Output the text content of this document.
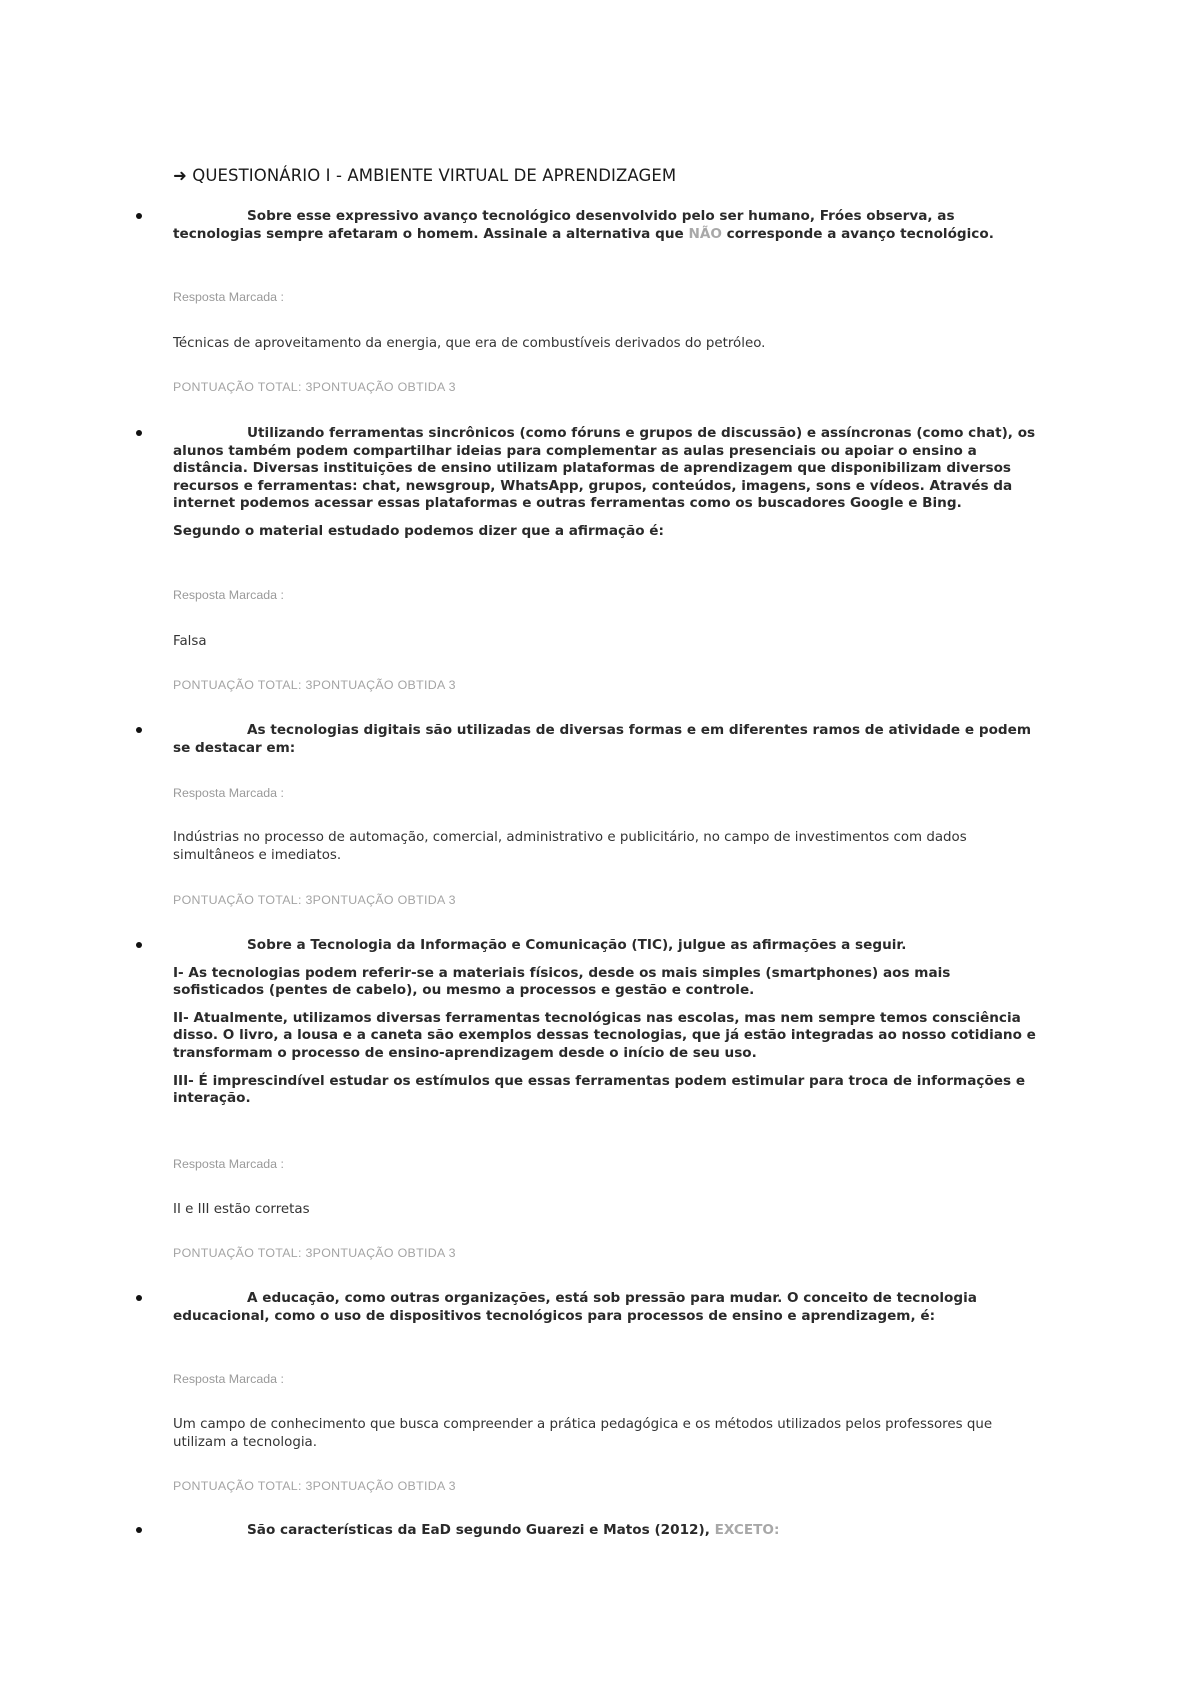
➜ QUESTIONÁRIO I - AMBIENTE VIRTUAL DE APRENDIZAGEM

Sobre esse expressivo avanço tecnológico desenvolvido pelo ser humano, Fróes observa, as tecnologias sempre afetaram o homem. Assinale a alternativa que NÃO corresponde a avanço tecnológico.

Resposta Marcada :

Técnicas de aproveitamento da energia, que era de combustíveis derivados do petróleo.

PONTUAÇÃO TOTAL: 3PONTUAÇÃO OBTIDA 3

Utilizando ferramentas sincrônicos (como fóruns e grupos de discussão) e assíncronas (como chat), os alunos também podem compartilhar ideias para complementar as aulas presenciais ou apoiar o ensino a distância. Diversas instituições de ensino utilizam plataformas de aprendizagem que disponibilizam diversos recursos e ferramentas: chat, newsgroup, WhatsApp, grupos, conteúdos, imagens, sons e vídeos. Através da internet podemos acessar essas plataformas e outras ferramentas como os buscadores Google e Bing.

Segundo o material estudado podemos dizer que a afirmação é:

Resposta Marcada :

Falsa

PONTUAÇÃO TOTAL: 3PONTUAÇÃO OBTIDA 3

As tecnologias digitais são utilizadas de diversas formas e em diferentes ramos de atividade e podem se destacar em:

Resposta Marcada :

Indústrias no processo de automação, comercial, administrativo e publicitário, no campo de investimentos com dados simultâneos e imediatos.

PONTUAÇÃO TOTAL: 3PONTUAÇÃO OBTIDA 3

Sobre a Tecnologia da Informação e Comunicação (TIC), julgue as afirmações a seguir.

I- As tecnologias podem referir-se a materiais físicos, desde os mais simples (smartphones) aos mais sofisticados (pentes de cabelo), ou mesmo a processos e gestão e controle.

II- Atualmente, utilizamos diversas ferramentas tecnológicas nas escolas, mas nem sempre temos consciência disso. O livro, a lousa e a caneta são exemplos dessas tecnologias, que já estão integradas ao nosso cotidiano e transformam o processo de ensino-aprendizagem desde o início de seu uso.

III- É imprescindível estudar os estímulos que essas ferramentas podem estimular para troca de informações e interação.

Resposta Marcada :

II e III estão corretas

PONTUAÇÃO TOTAL: 3PONTUAÇÃO OBTIDA 3

A educação, como outras organizações, está sob pressão para mudar. O conceito de tecnologia educacional, como o uso de dispositivos tecnológicos para processos de ensino e aprendizagem, é:

Resposta Marcada :

Um campo de conhecimento que busca compreender a prática pedagógica e os métodos utilizados pelos professores que utilizam a tecnologia.

PONTUAÇÃO TOTAL: 3PONTUAÇÃO OBTIDA 3

São características da EaD segundo Guarezi e Matos (2012), EXCETO:
